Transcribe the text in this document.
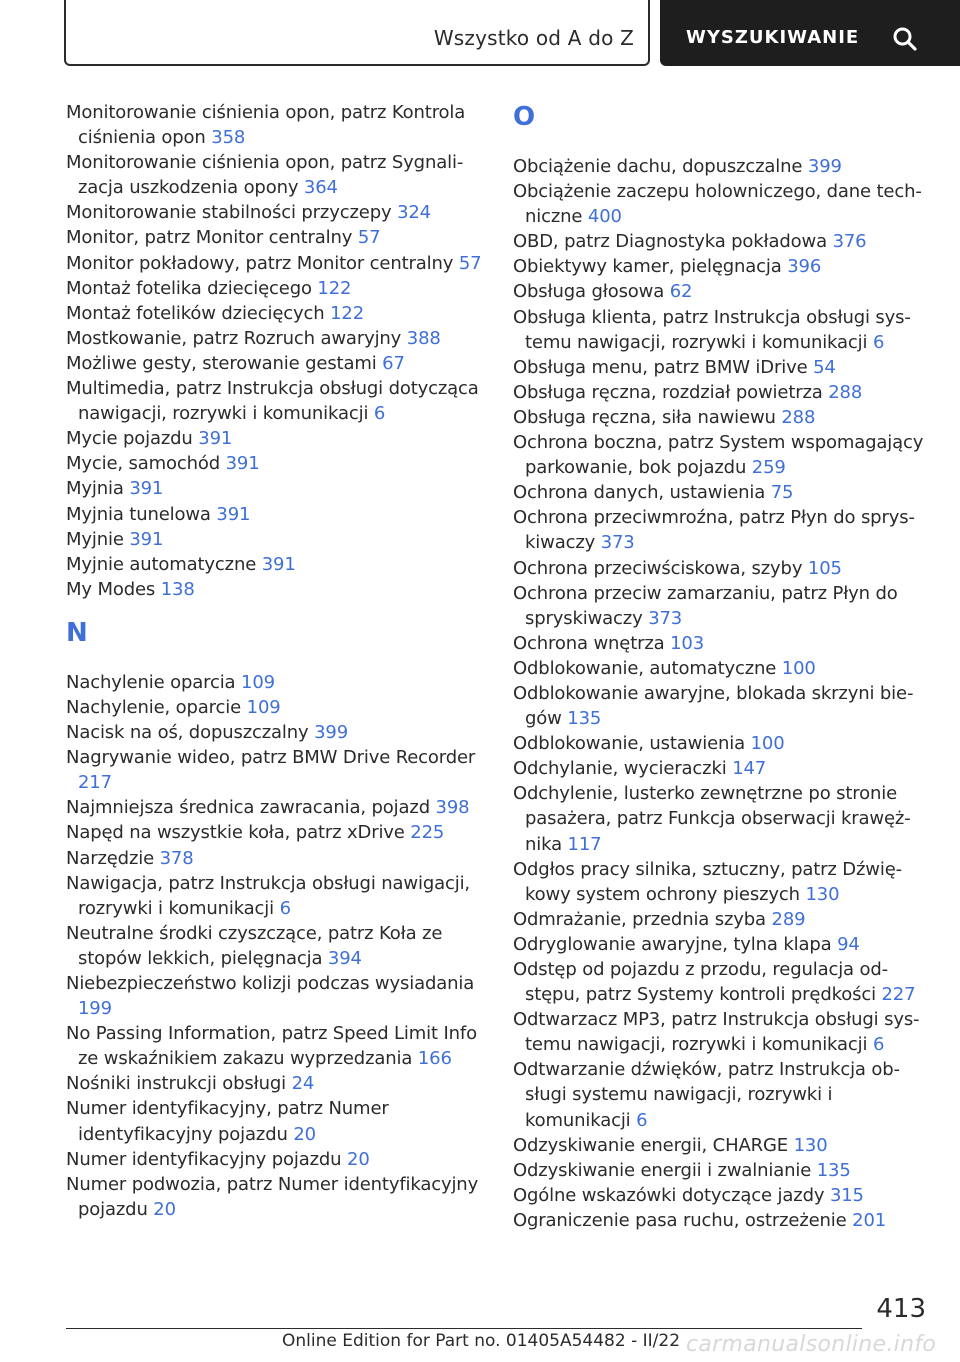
Wszystko od A do Z	WYSZUKIWANIE
Monitorowanie ciśnienia opon, patrz Kontrola ciśnienia opon 358
Monitorowanie ciśnienia opon, patrz Sygnalizacja uszkodzenia opony 364
Monitorowanie stabilności przyczepy 324
Monitor, patrz Monitor centralny 57
Monitor pokładowy, patrz Monitor centralny 57
Montaż fotelika dziecięcego 122
Montaż fotelików dziecięcych 122
Mostkowanie, patrz Rozruch awaryjny 388
Możliwe gesty, sterowanie gestami 67
Multimedia, patrz Instrukcja obsługi dotycząca nawigacji, rozrywki i komunikacji 6
Mycie pojazdu 391
Mycie, samochód 391
Myjnia 391
Myjnia tunelowa 391
Myjnie 391
Myjnie automatyczne 391
My Modes 138
N
Nachylenie oparcia 109
Nachylenie, oparcie 109
Nacisk na oś, dopuszczalny 399
Nagrywanie wideo, patrz BMW Drive Recorder 217
Najmniejsza średnica zawracania, pojazd 398
Napęd na wszystkie koła, patrz xDrive 225
Narzędzie 378
Nawigacja, patrz Instrukcja obsługi nawigacji, rozrywki i komunikacji 6
Neutralne środki czyszczące, patrz Koła ze stopów lekkich, pielęgnacja 394
Niebezpieczeństwo kolizji podczas wysiadania 199
No Passing Information, patrz Speed Limit Info ze wskaźnikiem zakazu wyprzedzania 166
Nośniki instrukcji obsługi 24
Numer identyfikacyjny, patrz Numer identyfikacyjny pojazdu 20
Numer identyfikacyjny pojazdu 20
Numer podwozia, patrz Numer identyfikacyjny pojazdu 20
O
Obciążenie dachu, dopuszczalne 399
Obciążenie zaczepu holowniczego, dane techniczne 400
OBD, patrz Diagnostyka pokładowa 376
Obiektywy kamer, pielęgnacja 396
Obsługa głosowa 62
Obsługa klienta, patrz Instrukcja obsługi systemu nawigacji, rozrywki i komunikacji 6
Obsługa menu, patrz BMW iDrive 54
Obsługa ręczna, rozdział powietrza 288
Obsługa ręczna, siła nawiewu 288
Ochrona boczna, patrz System wspomagający parkowanie, bok pojazdu 259
Ochrona danych, ustawienia 75
Ochrona przeciwmroźna, patrz Płyn do spryskiwaczy 373
Ochrona przeciwściskowa, szyby 105
Ochrona przeciw zamarzaniu, patrz Płyn do spryskiwaczy 373
Ochrona wnętrza 103
Odblokowanie, automatyczne 100
Odblokowanie awaryjne, blokada skrzyni biegów 135
Odblokowanie, ustawienia 100
Odchylanie, wycieraczki 147
Odchylenie, lusterko zewnętrzne po stronie pasażera, patrz Funkcja obserwacji krawężnika 117
Odgłos pracy silnika, sztuczny, patrz Dźwiękowy system ochrony pieszych 130
Odmrażanie, przednia szyba 289
Odryglowanie awaryjne, tylna klapa 94
Odstęp od pojazdu z przodu, regulacja odstępu, patrz Systemy kontroli prędkości 227
Odtwarzacz MP3, patrz Instrukcja obsługi systemu nawigacji, rozrywki i komunikacji 6
Odtwarzanie dźwięków, patrz Instrukcja obsługi systemu nawigacji, rozrywki i komunikacji 6
Odzyskiwanie energii, CHARGE 130
Odzyskiwanie energii i zwalnianie 135
Ogólne wskazówki dotyczące jazdy 315
Ograniczenie pasa ruchu, ostrzeżenie 201
413
Online Edition for Part no. 01405A54482 - II/22 carmanualsonline.info
